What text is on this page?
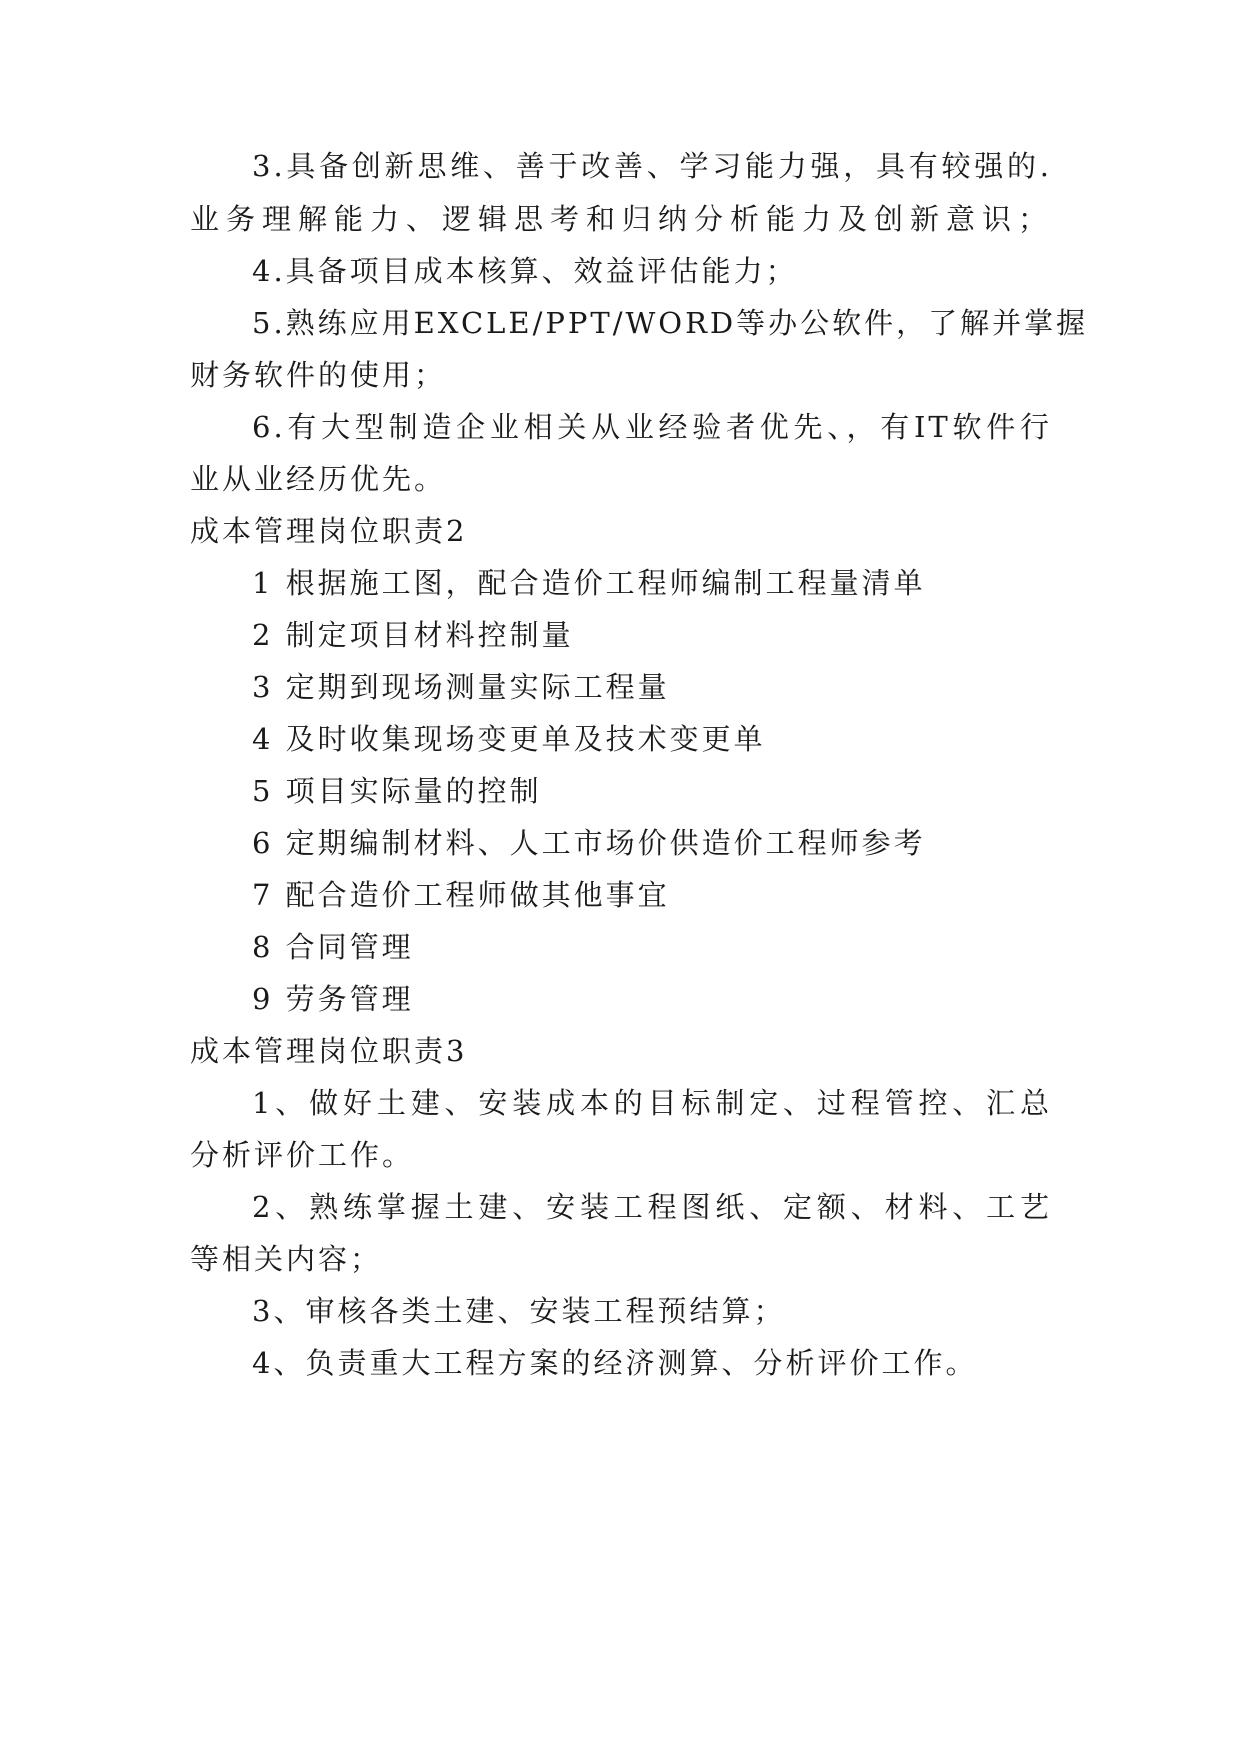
3.具备创新思维、善于改善、学习能力强，具有较强的.
业务理解能力、逻辑思考和归纳分析能力及创新意识；
4.具备项目成本核算、效益评估能力；
5.熟练应用EXCLE/PPT/WORD等办公软件，了解并掌握
财务软件的使用；
6.有大型制造企业相关从业经验者优先、，有IT软件行
业从业经历优先。
成本管理岗位职责2
1 根据施工图，配合造价工程师编制工程量清单
2 制定项目材料控制量
3 定期到现场测量实际工程量
4 及时收集现场变更单及技术变更单
5 项目实际量的控制
6 定期编制材料、人工市场价供造价工程师参考
7 配合造价工程师做其他事宜
8 合同管理
9 劳务管理
成本管理岗位职责3
1、做好土建、安装成本的目标制定、过程管控、汇总
分析评价工作。
2、熟练掌握土建、安装工程图纸、定额、材料、工艺
等相关内容；
3、审核各类土建、安装工程预结算；
4、负责重大工程方案的经济测算、分析评价工作。
